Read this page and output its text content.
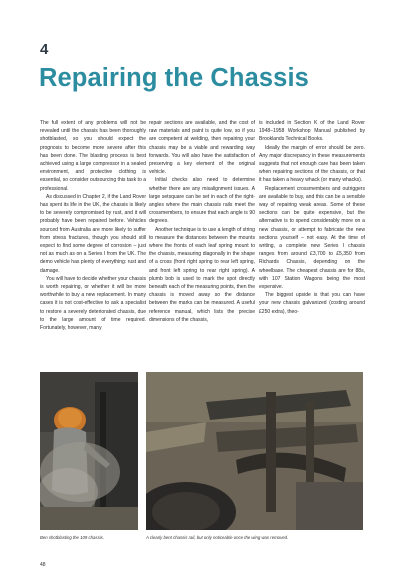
4
Repairing the Chassis

The full extent of any problems will not be revealed until the chassis has been thoroughly shotblasted, so you should expect the prognosis to become more severe after this has been done. The blasting process is best achieved using a large compressor in a sealed environment, and protective clothing is essential, so consider outsourcing this task to a professional.

As discussed in Chapter 2, if the Land Rover has spent its life in the UK, the chassis is likely to be severely compromised by rust, and it will probably have been repaired before. Vehicles sourced from Australia are more likely to suffer from stress fractures, though you should still expect to find some degree of corrosion – just not as much as on a Series I from the UK. The demo vehicle has plenty of everything: rust and damage.

You will have to decide whether your chassis is worth repairing, or whether it will be more worthwhile to buy a new replacement. In many cases it is not cost-effective to ask a specialist to restore a severely deteriorated chassis, due to the large amount of time required. Fortunately, however, many

repair sections are available, and the cost of raw materials and paint is quite low, so if you are competent at welding, then repairing your chassis may be a viable and rewarding way forwards. You will also have the satisfaction of preserving a key element of the original vehicle.

Initial checks also need to determine whether there are any misalignment issues. A large setsquare can be set in each of the right-angles where the main chassis rails meet the crossmembers, to ensure that each angle is 90 degrees.

Another technique is to use a length of string to measure the distances between the mounts where the fronts of each leaf spring mount to the chassis, measuring diagonally in the shape of a cross (front right spring to rear left spring, and front left spring to rear right spring). A plumb bob is used to mark the spot directly beneath each of the measuring points, then the chassis is moved away so the distance between the marks can be measured. A useful reference manual, which lists the precise dimensions of the chassis,

is included in Section K of the Land Rover 1948–1958 Workshop Manual published by Brooklands Technical Books.

Ideally the margin of error should be zero. Any major discrepancy in these measurements suggests that not enough care has been taken when repairing sections of the chassis, or that it has taken a heavy whack (or many whacks).

Replacement crossmembers and outriggers are available to buy, and this can be a sensible way of repairing weak areas. Some of these sections can be quite expensive, but the alternative is to spend considerably more on a new chassis, or attempt to fabricate the new sections yourself – not easy. At the time of writing, a complete new Series I chassis ranges from around £3,700 to £5,350 from Richards Chassis, depending on the wheelbase. The cheapest chassis are for 88s, with 107 Station Wagons being the most expensive.

The biggest upside is that you can have your new chassis galvanized (costing around £250 extra), theo-

Ben shotblasting the 109 chassis.	A clearly bent chassis rail, but only noticeable once the wing was removed.
48
